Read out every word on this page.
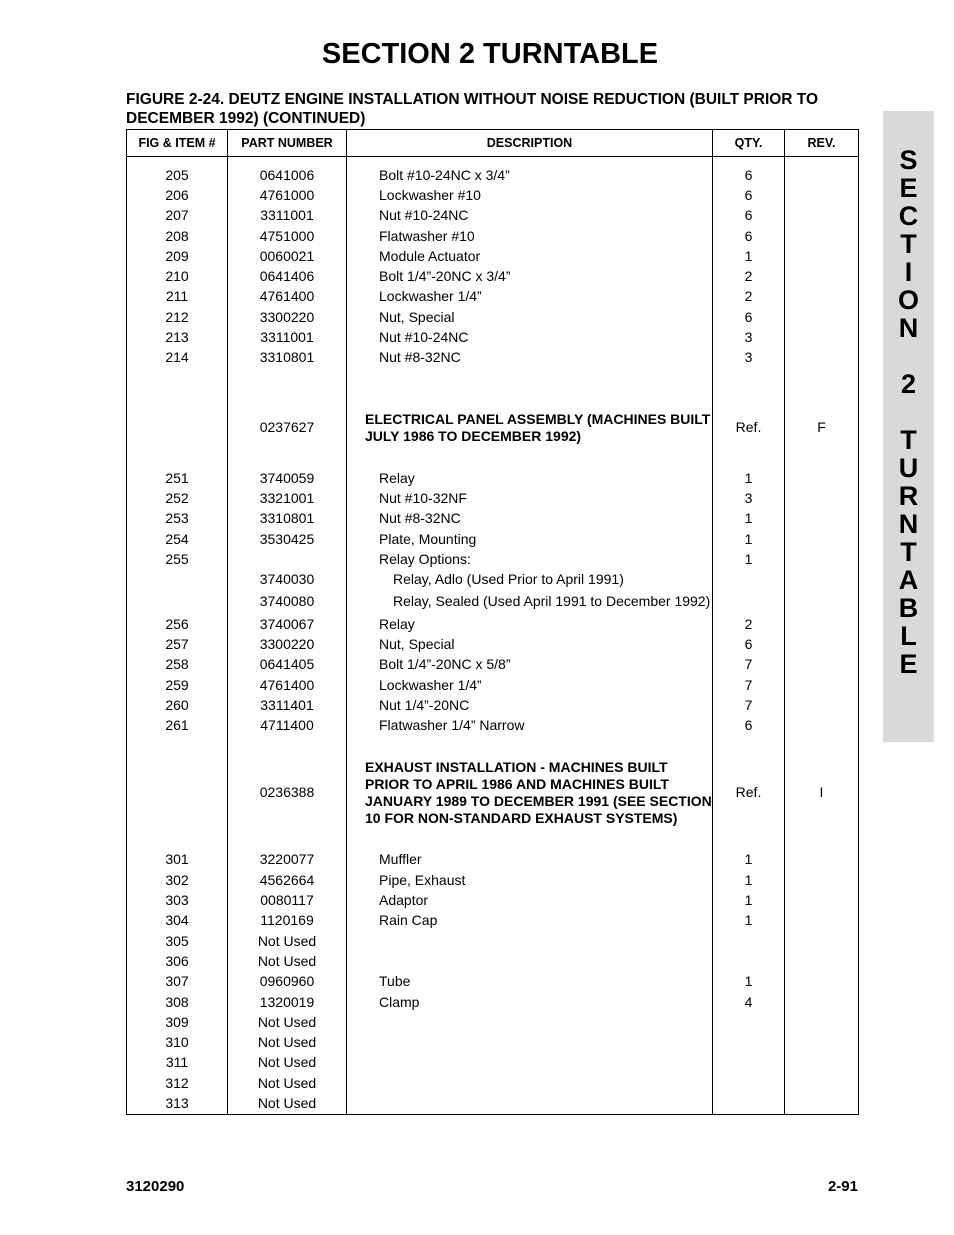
SECTION 2 TURNTABLE
FIGURE 2-24. DEUTZ ENGINE INSTALLATION WITHOUT NOISE REDUCTION (BUILT PRIOR TO DECEMBER 1992) (CONTINUED)
S
E
C
T
I
O
N

2

T
U
R
N
T
A
B
L
E
FIG & ITEM #	PART NUMBER	DESCRIPTION	QTY.	REV.

205	0641006	Bolt #10-24NC x 3/4”	6	
206	4761000	Lockwasher #10	6	
207	3311001	Nut #10-24NC	6	
208	4751000	Flatwasher #10	6	
209	0060021	Module Actuator	1	
210	0641406	Bolt 1/4”-20NC x 3/4”	2	
211	4761400	Lockwasher 1/4”	2	
212	3300220	Nut, Special	6	
213	3311001	Nut #10-24NC	3	
214	3310801	Nut #8-32NC	3	

	0237627	ELECTRICAL PANEL ASSEMBLY (MACHINES BUILT JULY 1986 TO DECEMBER 1992)	Ref.	F

251	3740059	Relay	1	
252	3321001	Nut #10-32NF	3	
253	3310801	Nut #8-32NC	1	
254	3530425	Plate, Mounting	1	
255		Relay Options:	1	
	3740030	Relay, Adlo (Used Prior to April 1991)		
	3740080	Relay, Sealed (Used April 1991 to December 1992)		
256	3740067	Relay	2	
257	3300220	Nut, Special	6	
258	0641405	Bolt 1/4”-20NC x 5/8”	7	
259	4761400	Lockwasher 1/4”	7	
260	3311401	Nut 1/4”-20NC	7	
261	4711400	Flatwasher 1/4” Narrow	6	

	0236388	EXHAUST INSTALLATION - MACHINES BUILT PRIOR TO APRIL 1986 AND MACHINES BUILT JANUARY 1989 TO DECEMBER 1991 (SEE SECTION 10 FOR NON-STANDARD EXHAUST SYSTEMS)	Ref.	I

301	3220077	Muffler	1	
302	4562664	Pipe, Exhaust	1	
303	0080117	Adaptor	1	
304	1120169	Rain Cap	1	
305	Not Used			
306	Not Used			
307	0960960	Tube	1	
308	1320019	Clamp	4	
309	Not Used			
310	Not Used			
311	Not Used			
312	Not Used			
313	Not Used			
3120290	2-91
